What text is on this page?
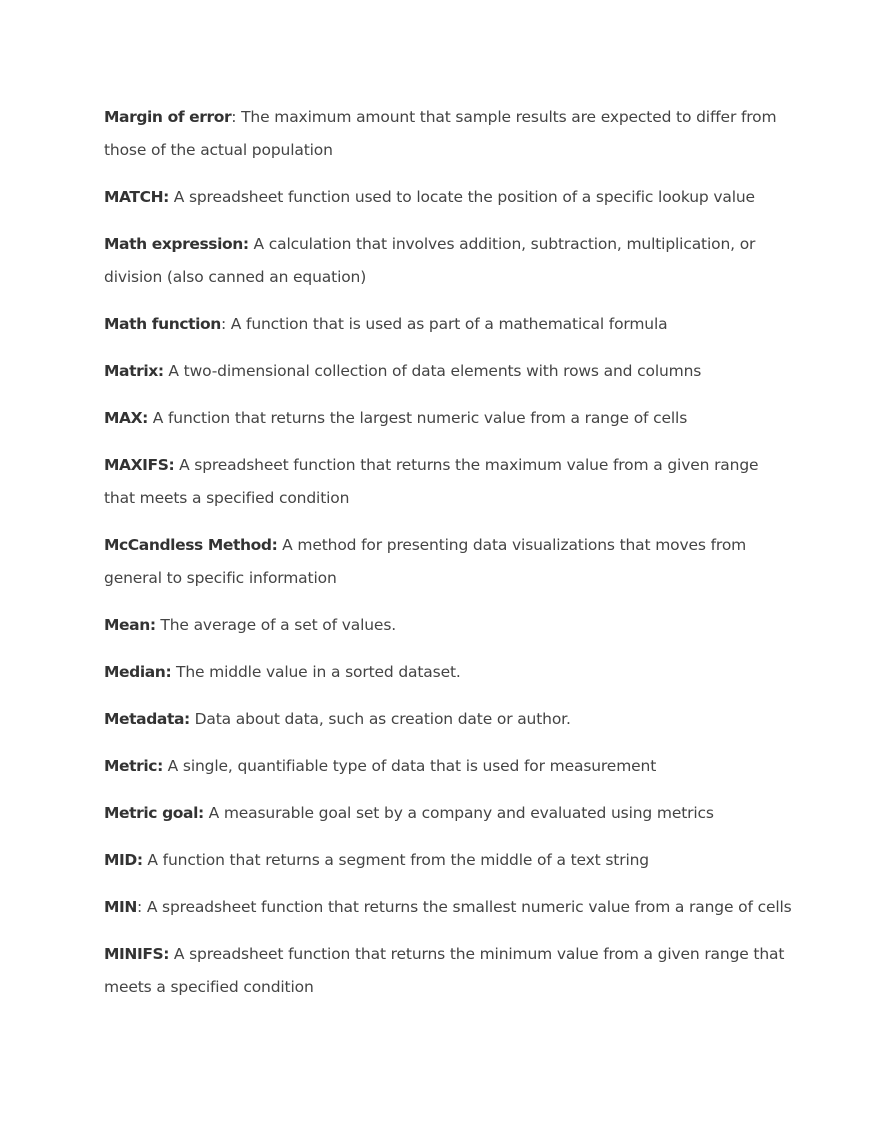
Margin of error: The maximum amount that sample results are expected to differ from those of the actual population

MATCH: A spreadsheet function used to locate the position of a specific lookup value

Math expression: A calculation that involves addition, subtraction, multiplication, or division (also canned an equation)

Math function: A function that is used as part of a mathematical formula

Matrix: A two-dimensional collection of data elements with rows and columns

MAX: A function that returns the largest numeric value from a range of cells

MAXIFS: A spreadsheet function that returns the maximum value from a given range that meets a specified condition

McCandless Method: A method for presenting data visualizations that moves from general to specific information

Mean: The average of a set of values.

Median: The middle value in a sorted dataset.

Metadata: Data about data, such as creation date or author.

Metric: A single, quantifiable type of data that is used for measurement

Metric goal: A measurable goal set by a company and evaluated using metrics

MID: A function that returns a segment from the middle of a text string

MIN: A spreadsheet function that returns the smallest numeric value from a range of cells

MINIFS: A spreadsheet function that returns the minimum value from a given range that meets a specified condition
